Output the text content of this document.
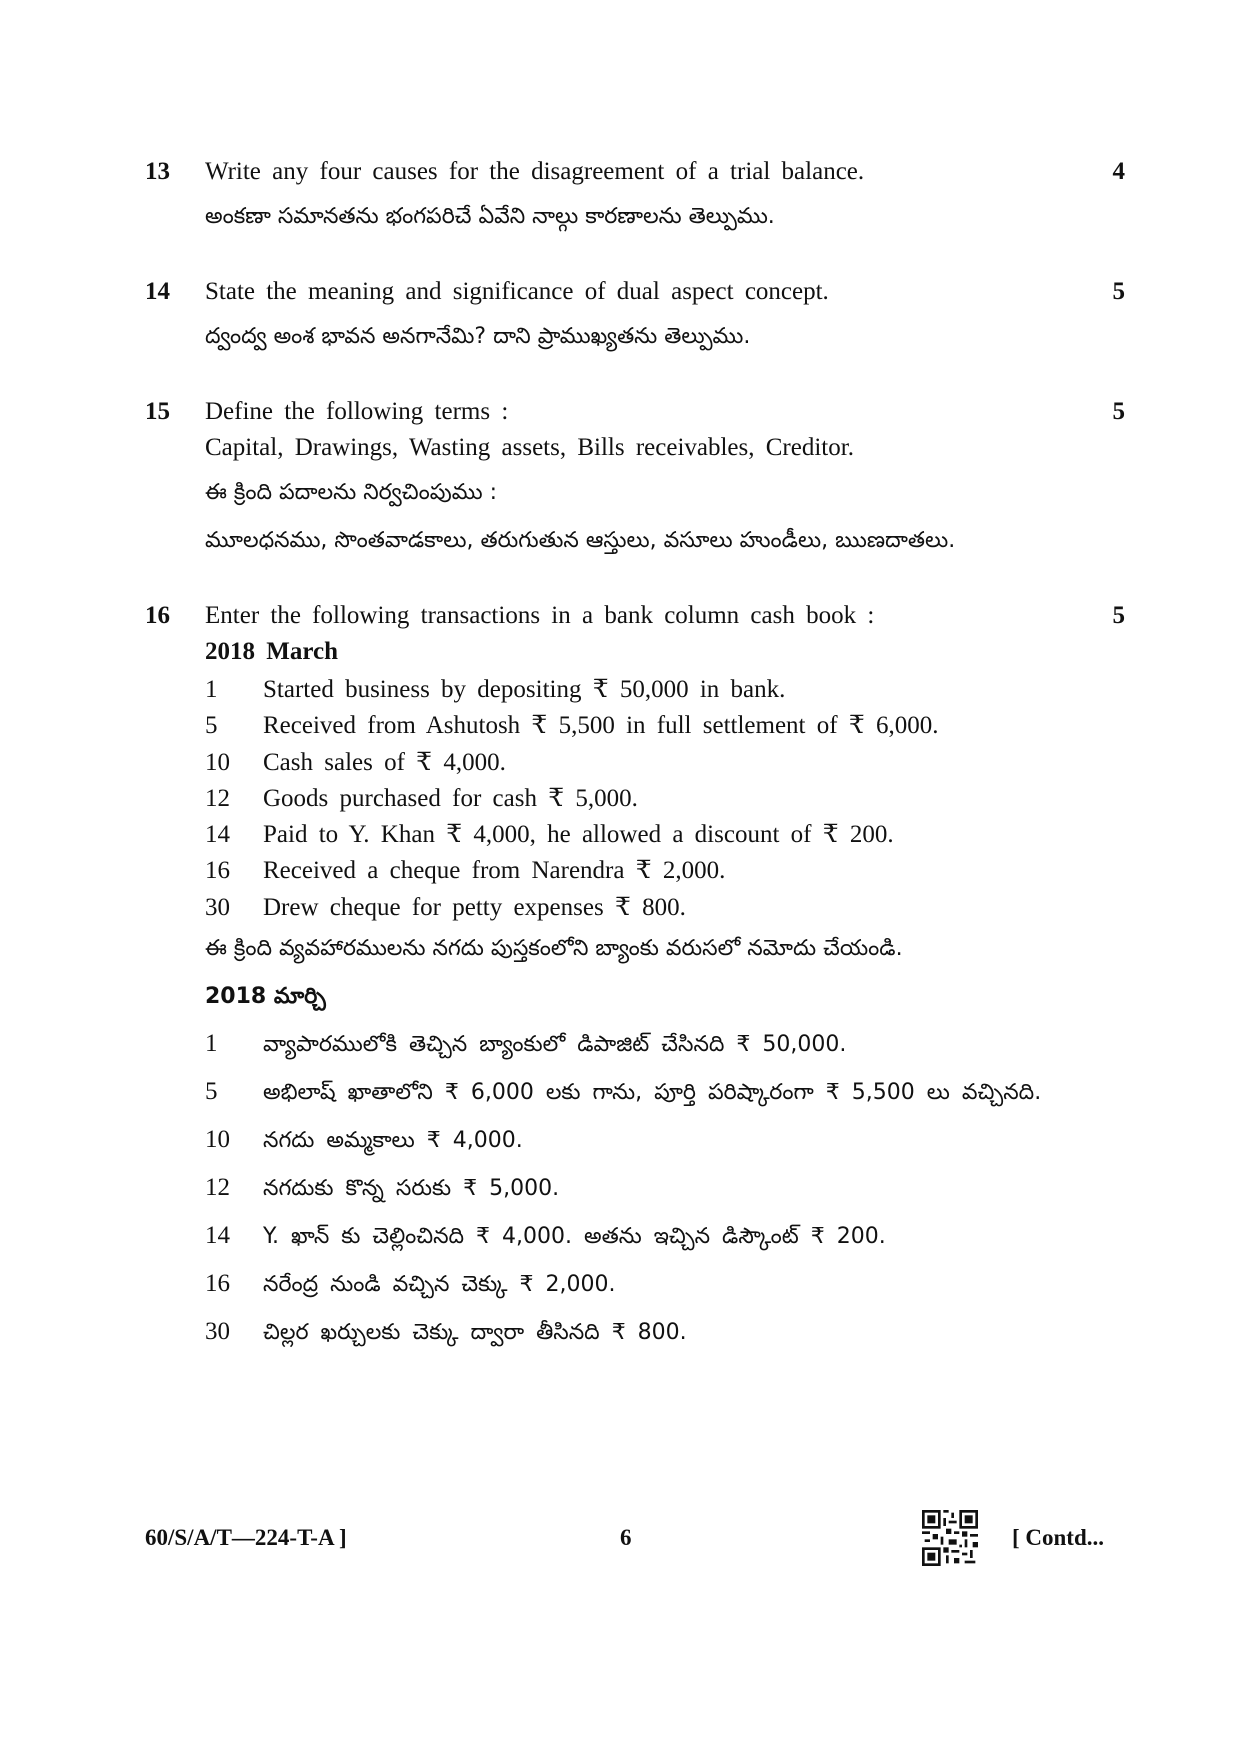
13 Write any four causes for the disagreement of a trial balance.
అంకణా సమానతను భంగపరిచే ఏవేని నాల్గు కారణాలను తెల్పుము.
4
14 State the meaning and significance of dual aspect concept.
ద్వంద్వ అంశ భావన అనగానేమి? దాని ప్రాముఖ్యతను తెల్పుము.
5
15 Define the following terms :
Capital, Drawings, Wasting assets, Bills receivables, Creditor.
ఈ క్రింది పదాలను నిర్వచింపుము :
మూలధనము, సొంతవాడకాలు, తరుగుతున ఆస్తులు, వసూలు హుండీలు, ఋణదాతలు.
5
16 Enter the following transactions in a bank column cash book :	5
2018 March
1 Started business by depositing ₹ 50,000 in bank.
5 Received from Ashutosh ₹ 5,500 in full settlement of ₹ 6,000.
10 Cash sales of ₹ 4,000.
12 Goods purchased for cash ₹ 5,000.
14 Paid to Y. Khan ₹ 4,000, he allowed a discount of ₹ 200.
16 Received a cheque from Narendra ₹ 2,000.
30 Drew cheque for petty expenses ₹ 800.
ఈ క్రింది వ్యవహారములను నగదు పుస్తకంలోని బ్యాంకు వరుసలో నమోదు చేయండి.
2018 మార్చి
1 వ్యాపారములోకి తెచ్చిన బ్యాంకులో డిపాజిట్ చేసినది ₹ 50,000.
5 అభిలాష్ ఖాతాలోని ₹ 6,000 లకు గాను, పూర్తి పరిష్కారంగా ₹ 5,500 లు వచ్చినది.
10 నగదు అమ్మకాలు ₹ 4,000.
12 నగదుకు కొన్న సరుకు ₹ 5,000.
14 Y. ఖాన్ కు చెల్లించినది ₹ 4,000. అతను ఇచ్చిన డిస్కౌంట్ ₹ 200.
16 నరేంద్ర నుండి వచ్చిన చెక్కు ₹ 2,000.
30 చిల్లర ఖర్చులకు చెక్కు ద్వారా తీసినది ₹ 800.
60/S/A/T—224-T-A ]	6	[ Contd...
